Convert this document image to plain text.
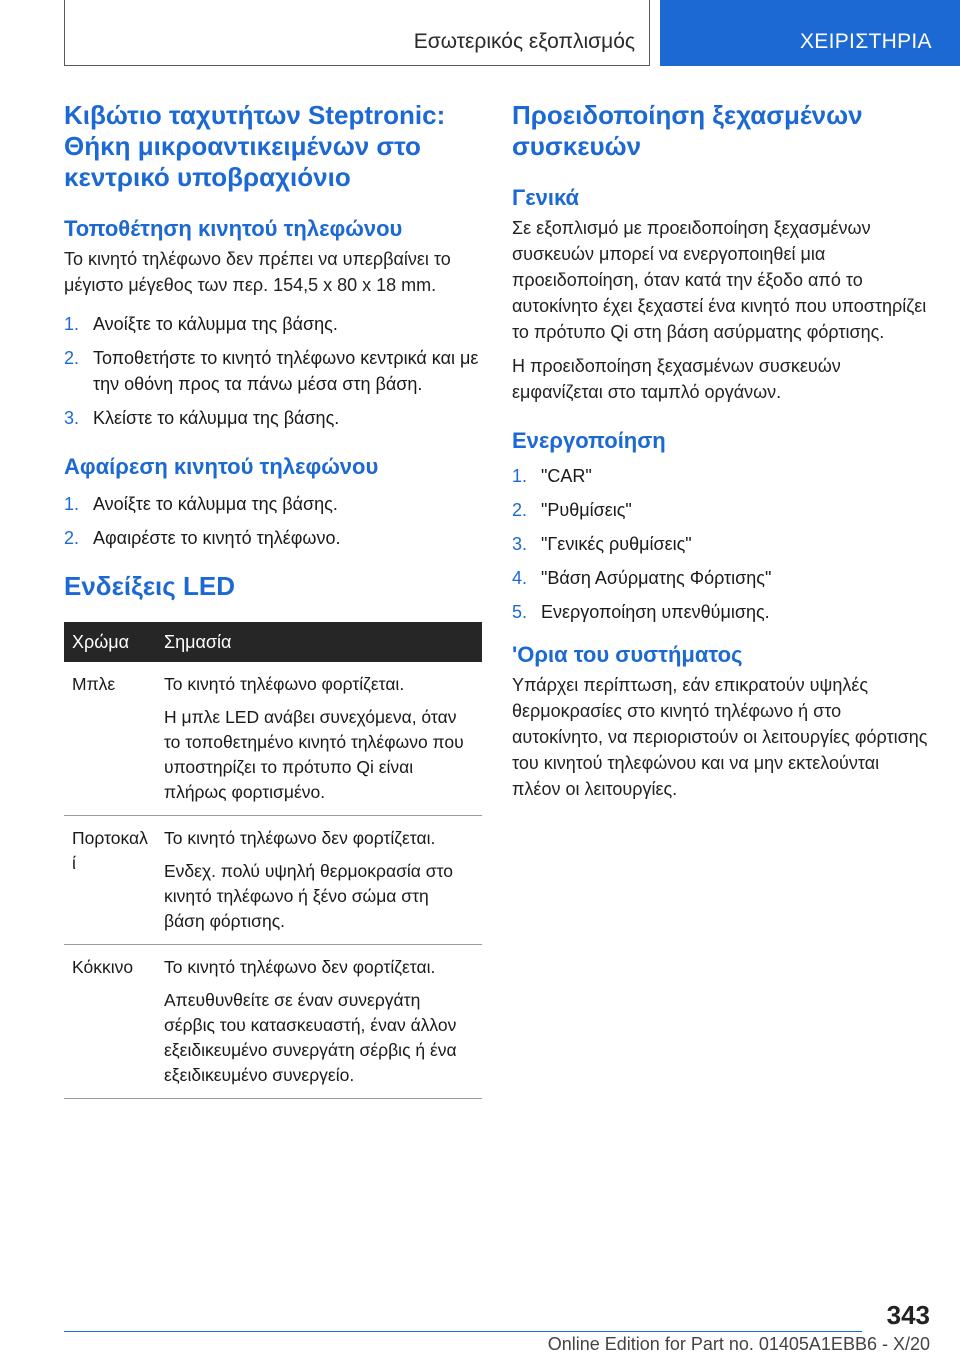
Εσωτερικός εξοπλισμός	ΧΕΙΡΙΣΤΗΡΙΑ
Κιβώτιο ταχυτήτων Steptronic: Θήκη μικροαντικειμένων στο κεντρικό υποβραχιόνιο
Τοποθέτηση κινητού τηλεφώνου
Το κινητό τηλέφωνο δεν πρέπει να υπερβαίνει το μέγιστο μέγεθος των περ. 154,5 x 80 x 18 mm.
1. Ανοίξτε το κάλυμμα της βάσης.
2. Τοποθετήστε το κινητό τηλέφωνο κεντρικά και με την οθόνη προς τα πάνω μέσα στη βάση.
3. Κλείστε το κάλυμμα της βάσης.
Αφαίρεση κινητού τηλεφώνου
1. Ανοίξτε το κάλυμμα της βάσης.
2. Αφαιρέστε το κινητό τηλέφωνο.
Ενδείξεις LED
Χρώμα	Σημασία
Μπλε	Το κινητό τηλέφωνο φορτίζεται.

Η μπλε LED ανάβει συνεχόμενα, όταν το τοποθετημένο κινητό τηλέφωνο που υποστηρίζει το πρότυπο Qi είναι πλήρως φορτισμένο.

Πορτοκαλί	Το κινητό τηλέφωνο δεν φορτίζεται.

Ενδεχ. πολύ υψηλή θερμοκρασία στο κινητό τηλέφωνο ή ξένο σώμα στη βάση φόρτισης.

Κόκκινο	Το κινητό τηλέφωνο δεν φορτίζεται.

Απευθυνθείτε σε έναν συνεργάτη σέρβις του κατασκευαστή, έναν άλλον εξειδικευμένο συνεργάτη σέρβις ή ένα εξειδικευμένο συνεργείο.

Προειδοποίηση ξεχασμένων συσκευών
Γενικά
Σε εξοπλισμό με προειδοποίηση ξεχασμένων συσκευών μπορεί να ενεργοποιηθεί μια προειδοποίηση, όταν κατά την έξοδο από το αυτοκίνητο έχει ξεχαστεί ένα κινητό που υποστηρίζει το πρότυπο Qi στη βάση ασύρματης φόρτισης.
Η προειδοποίηση ξεχασμένων συσκευών εμφανίζεται στο ταμπλό οργάνων.
Ενεργοποίηση
1. "CAR"
2. "Ρυθμίσεις"
3. "Γενικές ρυθμίσεις"
4. "Βάση Ασύρματης Φόρτισης"
5. Ενεργοποίηση υπενθύμισης.
'Ορια του συστήματος
Υπάρχει περίπτωση, εάν επικρατούν υψηλές θερμοκρασίες στο κινητό τηλέφωνο ή στο αυτοκίνητο, να περιοριστούν οι λειτουργίες φόρτισης του κινητού τηλεφώνου και να μην εκτελούνται πλέον οι λειτουργίες.
343
Online Edition for Part no. 01405A1EBB6 - X/20
